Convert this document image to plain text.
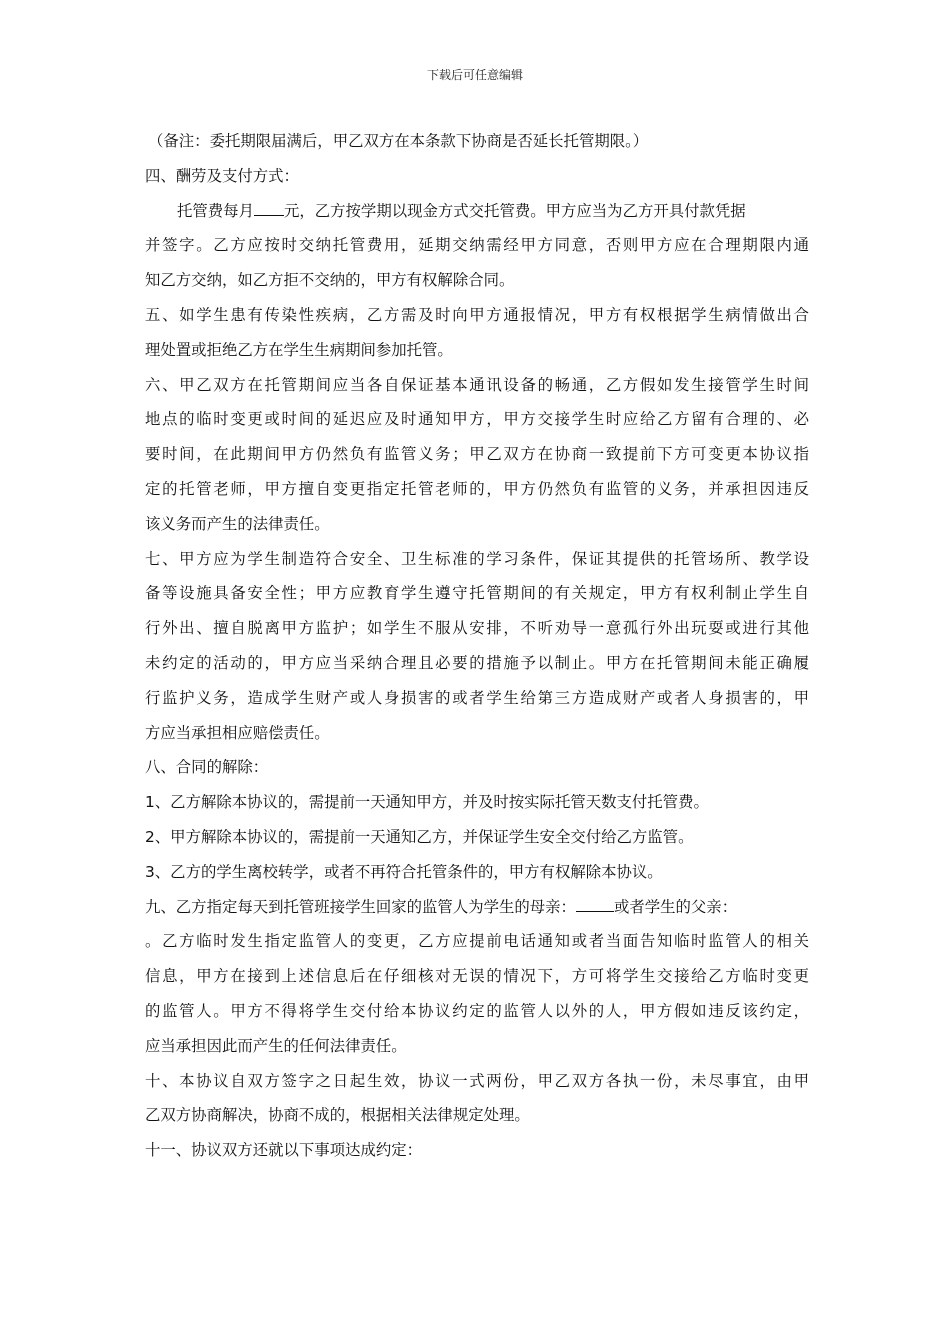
下载后可任意编辑
（备注：委托期限届满后，甲乙双方在本条款下协商是否延长托管期限。）
四、酬劳及支付方式：
托管费每月 元，乙方按学期以现金方式交托管费。甲方应当为乙方开具付款凭据
并签字。乙方应按时交纳托管费用，延期交纳需经甲方同意，否则甲方应在合理期限内通
知乙方交纳，如乙方拒不交纳的，甲方有权解除合同。
五、如学生患有传染性疾病，乙方需及时向甲方通报情况，甲方有权根据学生病情做出合
理处置或拒绝乙方在学生生病期间参加托管。
六、甲乙双方在托管期间应当各自保证基本通讯设备的畅通，乙方假如发生接管学生时间
地点的临时变更或时间的延迟应及时通知甲方，甲方交接学生时应给乙方留有合理的、必
要时间，在此期间甲方仍然负有监管义务；甲乙双方在协商一致提前下方可变更本协议指
定的托管老师，甲方擅自变更指定托管老师的，甲方仍然负有监管的义务，并承担因违反
该义务而产生的法律责任。
七、甲方应为学生制造符合安全、卫生标准的学习条件，保证其提供的托管场所、教学设
备等设施具备安全性；甲方应教育学生遵守托管期间的有关规定，甲方有权利制止学生自
行外出、擅自脱离甲方监护；如学生不服从安排，不听劝导一意孤行外出玩耍或进行其他
未约定的活动的，甲方应当采纳合理且必要的措施予以制止。甲方在托管期间未能正确履
行监护义务，造成学生财产或人身损害的或者学生给第三方造成财产或者人身损害的，甲
方应当承担相应赔偿责任。
八、合同的解除：
1、乙方解除本协议的，需提前一天通知甲方，并及时按实际托管天数支付托管费。
2、甲方解除本协议的，需提前一天通知乙方，并保证学生安全交付给乙方监管。
3、乙方的学生离校转学，或者不再符合托管条件的，甲方有权解除本协议。
九、乙方指定每天到托管班接学生回家的监管人为学生的母亲： 或者学生的父亲：
。乙方临时发生指定监管人的变更，乙方应提前电话通知或者当面告知临时监管人的相关
信息，甲方在接到上述信息后在仔细核对无误的情况下，方可将学生交接给乙方临时变更
的监管人。甲方不得将学生交付给本协议约定的监管人以外的人，甲方假如违反该约定，
应当承担因此而产生的任何法律责任。
十、本协议自双方签字之日起生效，协议一式两份，甲乙双方各执一份，未尽事宜，由甲
乙双方协商解决，协商不成的，根据相关法律规定处理。
十一、协议双方还就以下事项达成约定：
